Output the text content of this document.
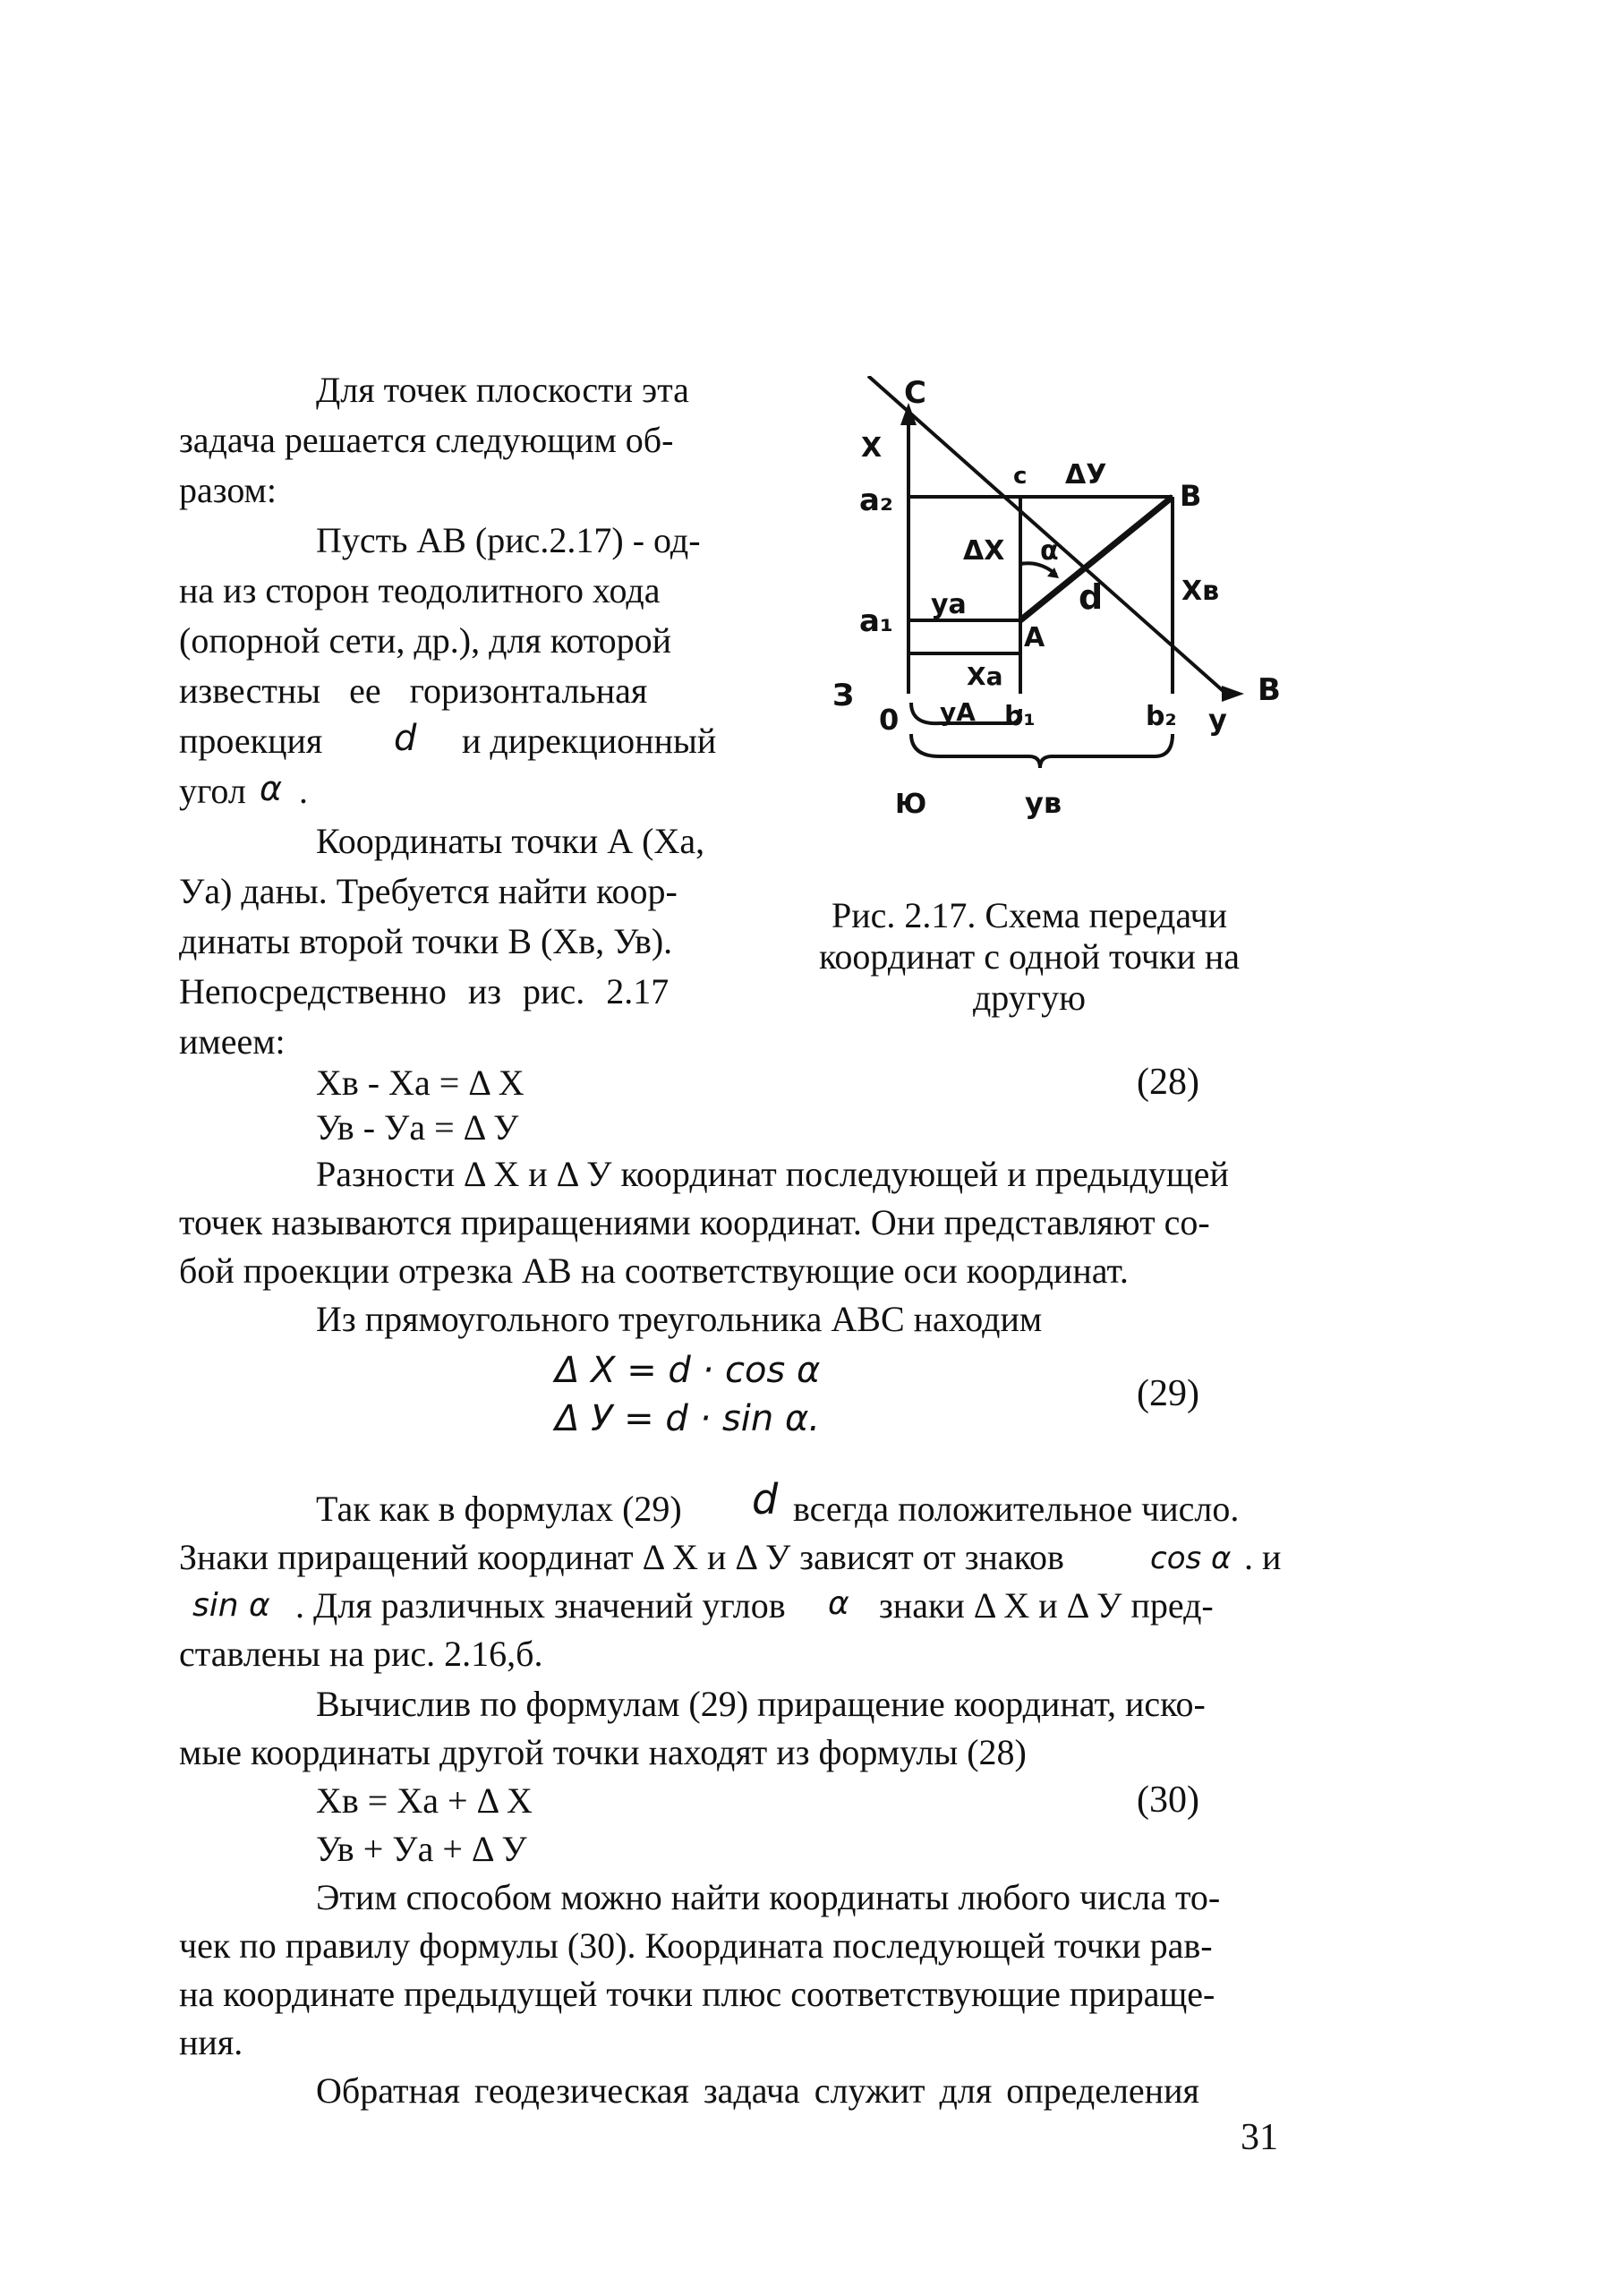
Для точек плоскости эта
задача решается следующим об-
разом:
Пусть АВ (рис.2.17) - од-
на из сторон теодолитного хода
(опорной сети, др.), для которой
известны ее горизонтальная
проекция d и дирекционный
угол α .
Координаты точки А (Ха,
Уа) даны. Требуется найти коор-
динаты второй точки В (Хв, Ув).
Непосредственно из рис. 2.17
имеем:
С
X
a₂
c ΔУ
B
ΔX α
уа	d	Xв
a₁	A
Xа
З	В
0 уА b₁	b₂ у
Ю	ув
Рис. 2.17. Схема передачи
координат с одной точки на
другую
Хв - Ха = Δ Х
Ув - Уа = Δ У
(28)
Разности Δ Х и Δ У координат последующей и предыдущей
точек называются приращениями координат. Они представляют со-
бой проекции отрезка АВ на соответствующие оси координат.
Из прямоугольного треугольника АВС находим
Δ Х = d · cos α
Δ У = d · sin α.
(29)
Так как в формулах (29) d всегда положительное число.
Знаки приращений координат Δ Х и Δ У зависят от знаков	cos α . и
sin α . Для различных значений углов α знаки Δ Х и Δ У пред-
ставлены на рис. 2.16,б.
Вычислив по формулам (29) приращение координат, иско-
мые координаты другой точки находят из формулы (28)
Хв = Ха + Δ Х
Ув + Уа + Δ У
(30)
Этим способом можно найти координаты любого числа то-
чек по правилу формулы (30). Координата последующей точки рав-
на координате предыдущей точки плюс соответствующие прираще-
ния.
Обратная геодезическая задача служит для определения
31
